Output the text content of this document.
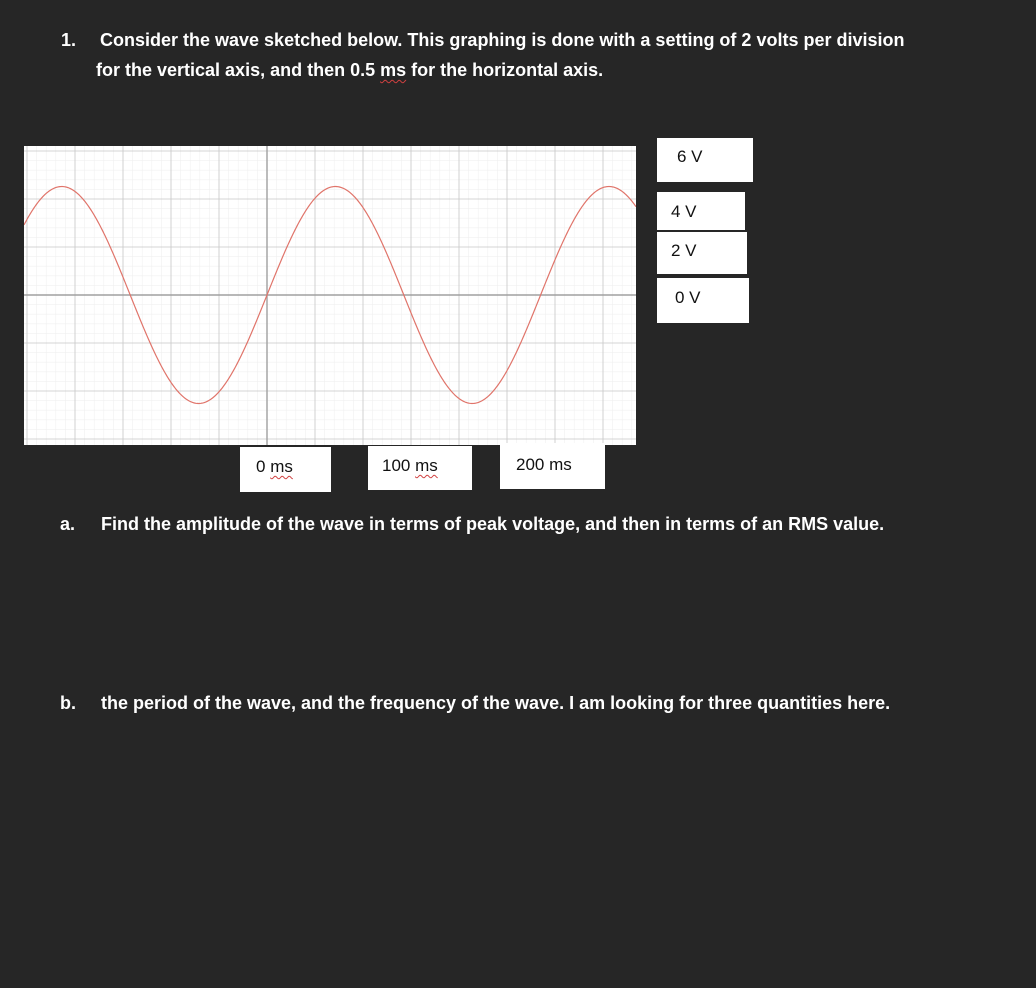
1. Consider the wave sketched below. This graphing is done with a setting of 2 volts per division
for the vertical axis, and then 0.5 ms for the horizontal axis.
6 V
4 V
2 V
0 V
0 ms	100 ms	200 ms
a. Find the amplitude of the wave in terms of peak voltage, and then in terms of an RMS value.
b. the period of the wave, and the frequency of the wave. I am looking for three quantities here.
